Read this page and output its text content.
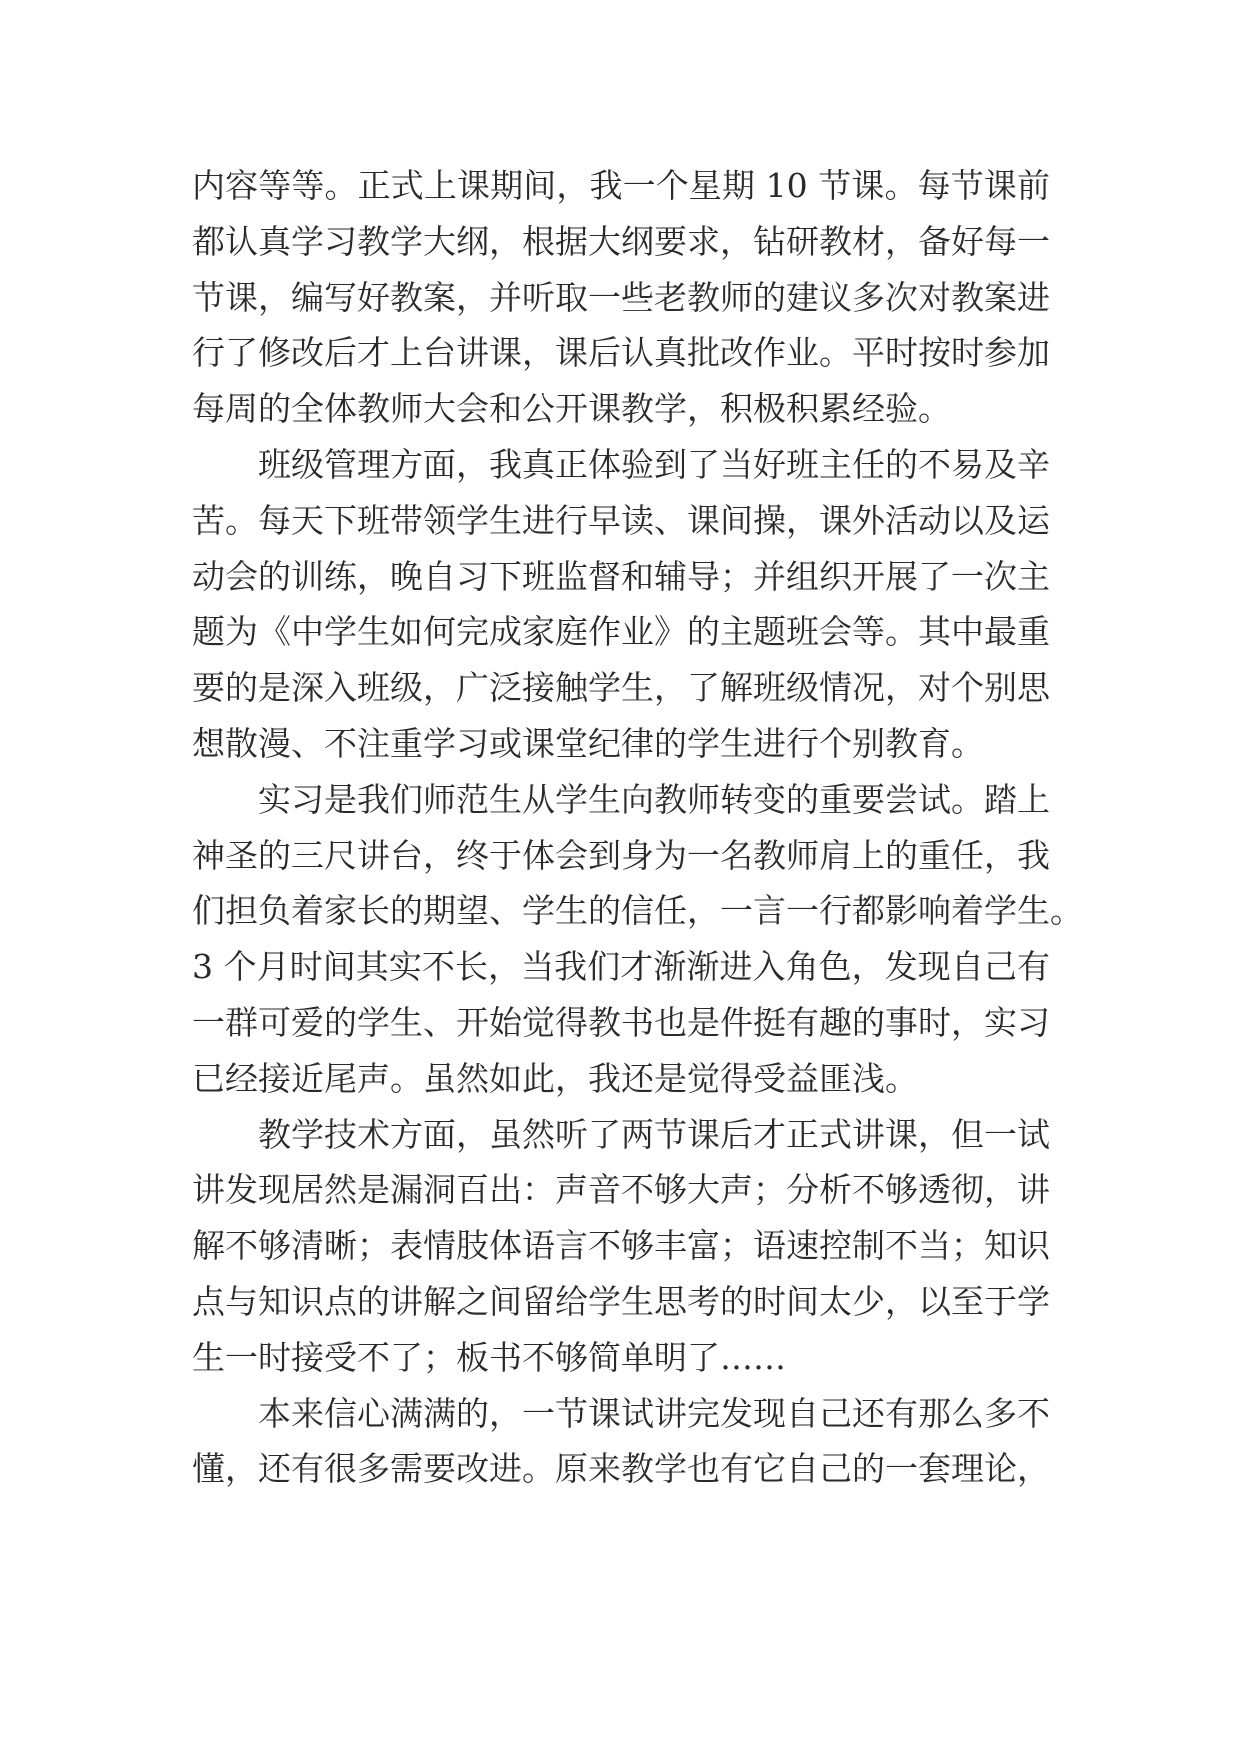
内容等等。正式上课期间，我一个星期 10 节课。每节课前
都认真学习教学大纲，根据大纲要求，钻研教材，备好每一
节课，编写好教案，并听取一些老教师的建议多次对教案进
行了修改后才上台讲课，课后认真批改作业。平时按时参加
每周的全体教师大会和公开课教学，积极积累经验。
班级管理方面，我真正体验到了当好班主任的不易及辛
苦。每天下班带领学生进行早读、课间操，课外活动以及运
动会的训练，晚自习下班监督和辅导；并组织开展了一次主
题为《中学生如何完成家庭作业》的主题班会等。其中最重
要的是深入班级，广泛接触学生，了解班级情况，对个别思
想散漫、不注重学习或课堂纪律的学生进行个别教育。
实习是我们师范生从学生向教师转变的重要尝试。踏上
神圣的三尺讲台，终于体会到身为一名教师肩上的重任，我
们担负着家长的期望、学生的信任，一言一行都影响着学生。
3 个月时间其实不长，当我们才渐渐进入角色，发现自己有
一群可爱的学生、开始觉得教书也是件挺有趣的事时，实习
已经接近尾声。虽然如此，我还是觉得受益匪浅。
教学技术方面，虽然听了两节课后才正式讲课，但一试
讲发现居然是漏洞百出：声音不够大声；分析不够透彻，讲
解不够清晰；表情肢体语言不够丰富；语速控制不当；知识
点与知识点的讲解之间留给学生思考的时间太少，以至于学
生一时接受不了；板书不够简单明了……
本来信心满满的，一节课试讲完发现自己还有那么多不
懂，还有很多需要改进。原来教学也有它自己的一套理论，
